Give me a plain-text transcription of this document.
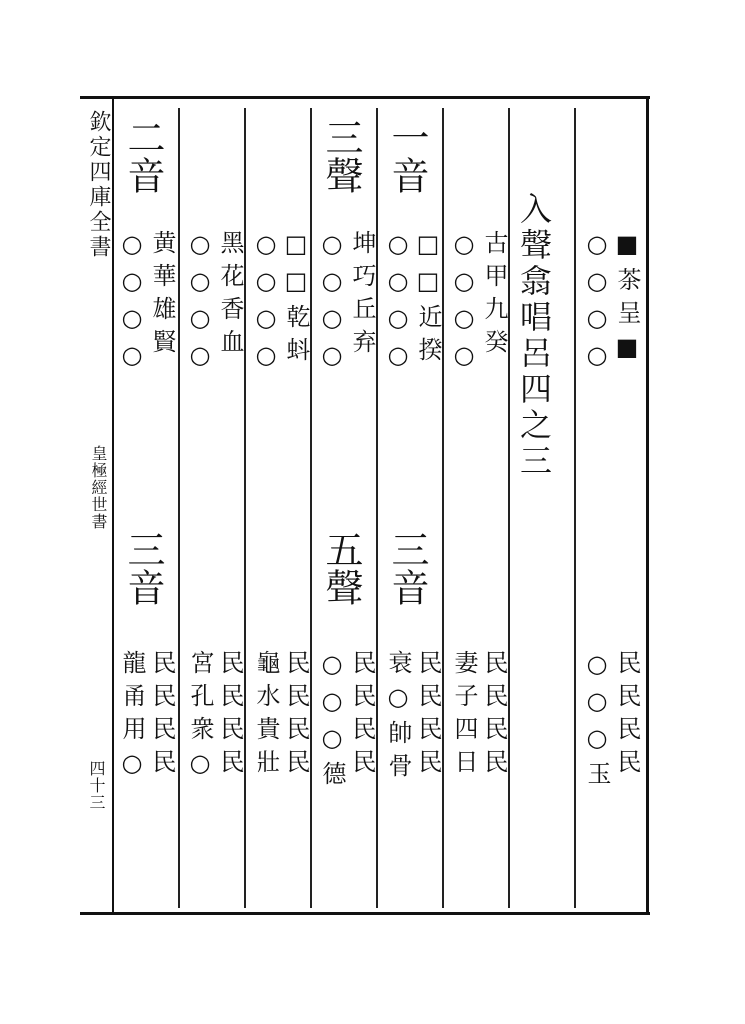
欽定四庫全書
皇極經世書
四十三
入聲翕唱呂四之三	■茶呈■
○○○○
民民民民
○○○玉
古甲九癸
○○○○
民民民民
妻子四日
一音
□□近揆
○○○○
三音
民民民民
衰○帥骨
三聲
坤巧丘弃
○○○○
五聲
民民民民
○○○德
□□乾蚪
○○○○
民民民民
龜水貴壯
黑花香血
○○○○
民民民民
宮孔衆○
二音
黄華雄賢
○○○○
三音
民民民民
龍甬用○
